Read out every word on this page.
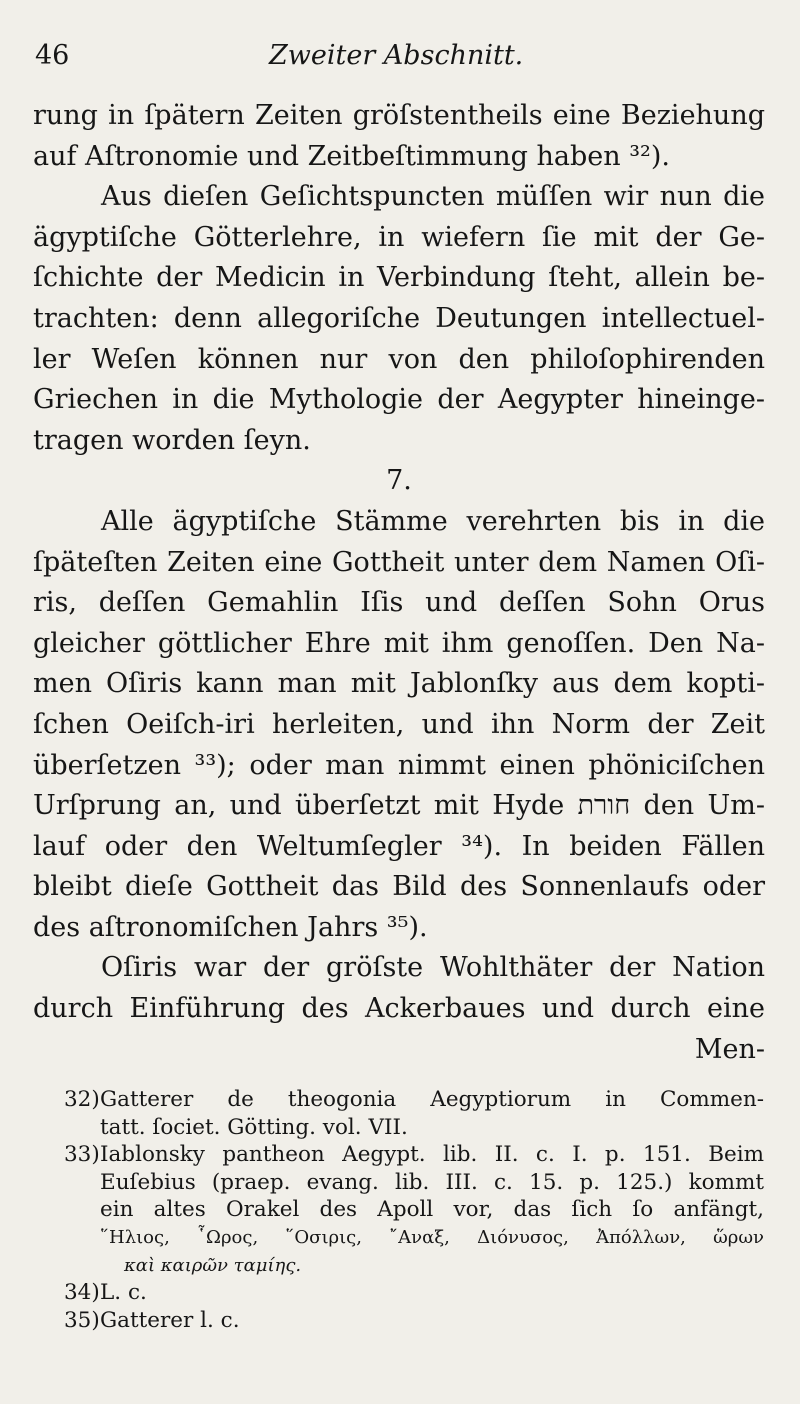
46	Zweiter Abschnitt.
rung in ſpätern Zeiten gröſstentheils eine Beziehung
auf Aſtronomie und Zeitbeſtimmung haben ³²).
Aus dieſen Geſichtspuncten müſſen wir nun die
ägyptiſche Götterlehre, in wiefern ſie mit der Ge-
ſchichte der Medicin in Verbindung ſteht, allein be-
trachten: denn allegoriſche Deutungen intellectuel-
ler Weſen können nur von den philoſophirenden
Griechen in die Mythologie der Aegypter hineinge-
tragen worden ſeyn.
7.
Alle ägyptiſche Stämme verehrten bis in die
ſpäteſten Zeiten eine Gottheit unter dem Namen Oſi-
ris, deſſen Gemahlin Iſis und deſſen Sohn Orus
gleicher göttlicher Ehre mit ihm genoſſen. Den Na-
men Oſiris kann man mit Jablonſky aus dem kopti-
ſchen Oeiſch-iri herleiten, und ihn Norm der Zeit
überſetzen ³³); oder man nimmt einen phöniciſchen
Urſprung an, und überſetzt mit Hyde חורת den Um-
lauf oder den Weltumſegler ³⁴). In beiden Fällen
bleibt dieſe Gottheit das Bild des Sonnenlaufs oder
des aſtronomiſchen Jahrs ³⁵).
Oſiris war der gröſste Wohlthäter der Nation
durch Einführung des Ackerbaues und durch eine
Men-
32)Gatterer de theogonia Aegyptiorum in Commen-
tatt. ſociet. Götting. vol. VII.
33)Iablonsky pantheon Aegypt. lib. II. c. I. p. 151. Beim
Euſebius (praep. evang. lib. III. c. 15. p. 125.) kommt
ein altes Orakel des Apoll vor, das ſich ſo anfängt,
῞Ηλιος, ῟Ωρος, ῞Οσιρις, ῎Αναξ, Διόνυσος, Ἀπόλλων, ὥρων
καὶ καιρῶν ταμίης.
34)L. c.
35)Gatterer l. c.
